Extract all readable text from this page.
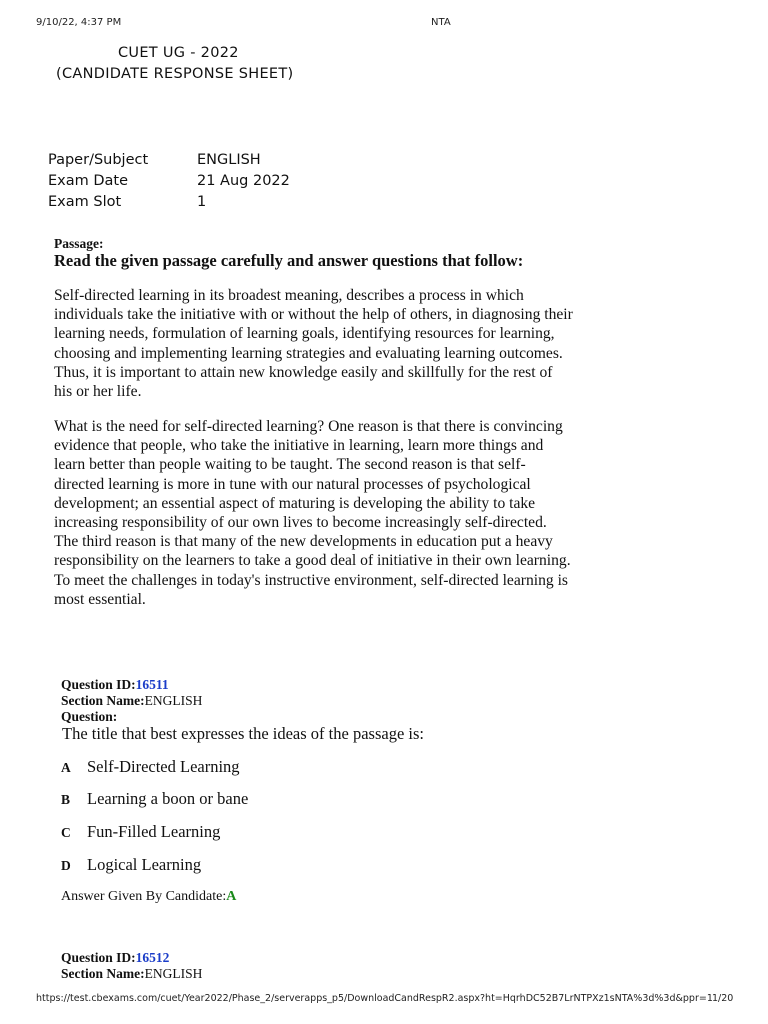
9/10/22, 4:37 PM	NTA
CUET UG - 2022
(CANDIDATE RESPONSE SHEET)
Paper/Subject	ENGLISH
Exam Date	21 Aug 2022
Exam Slot	1
Passage:
Read the given passage carefully and answer questions that follow:
Self-directed learning in its broadest meaning, describes a process in which
individuals take the initiative with or without the help of others, in diagnosing their
learning needs, formulation of learning goals, identifying resources for learning,
choosing and implementing learning strategies and evaluating learning outcomes.
Thus, it is important to attain new knowledge easily and skillfully for the rest of
his or her life.
What is the need for self-directed learning? One reason is that there is convincing
evidence that people, who take the initiative in learning, learn more things and
learn better than people waiting to be taught. The second reason is that self-
directed learning is more in tune with our natural processes of psychological
development; an essential aspect of maturing is developing the ability to take
increasing responsibility of our own lives to become increasingly self-directed.
The third reason is that many of the new developments in education put a heavy
responsibility on the learners to take a good deal of initiative in their own learning.
To meet the challenges in today's instructive environment, self-directed learning is
most essential.
Question ID:16511
Section Name:ENGLISH
Question:
The title that best expresses the ideas of the passage is:
A Self-Directed Learning
B Learning a boon or bane
C Fun-Filled Learning
D Logical Learning
Answer Given By Candidate:A
Question ID:16512
Section Name:ENGLISH
https://test.cbexams.com/cuet/Year2022/Phase_2/serverapps_p5/DownloadCandRespR2.aspx?ht=HqrhDC52B7LrNTPXz1sNTA%3d%3d&ppr=1 1/20
